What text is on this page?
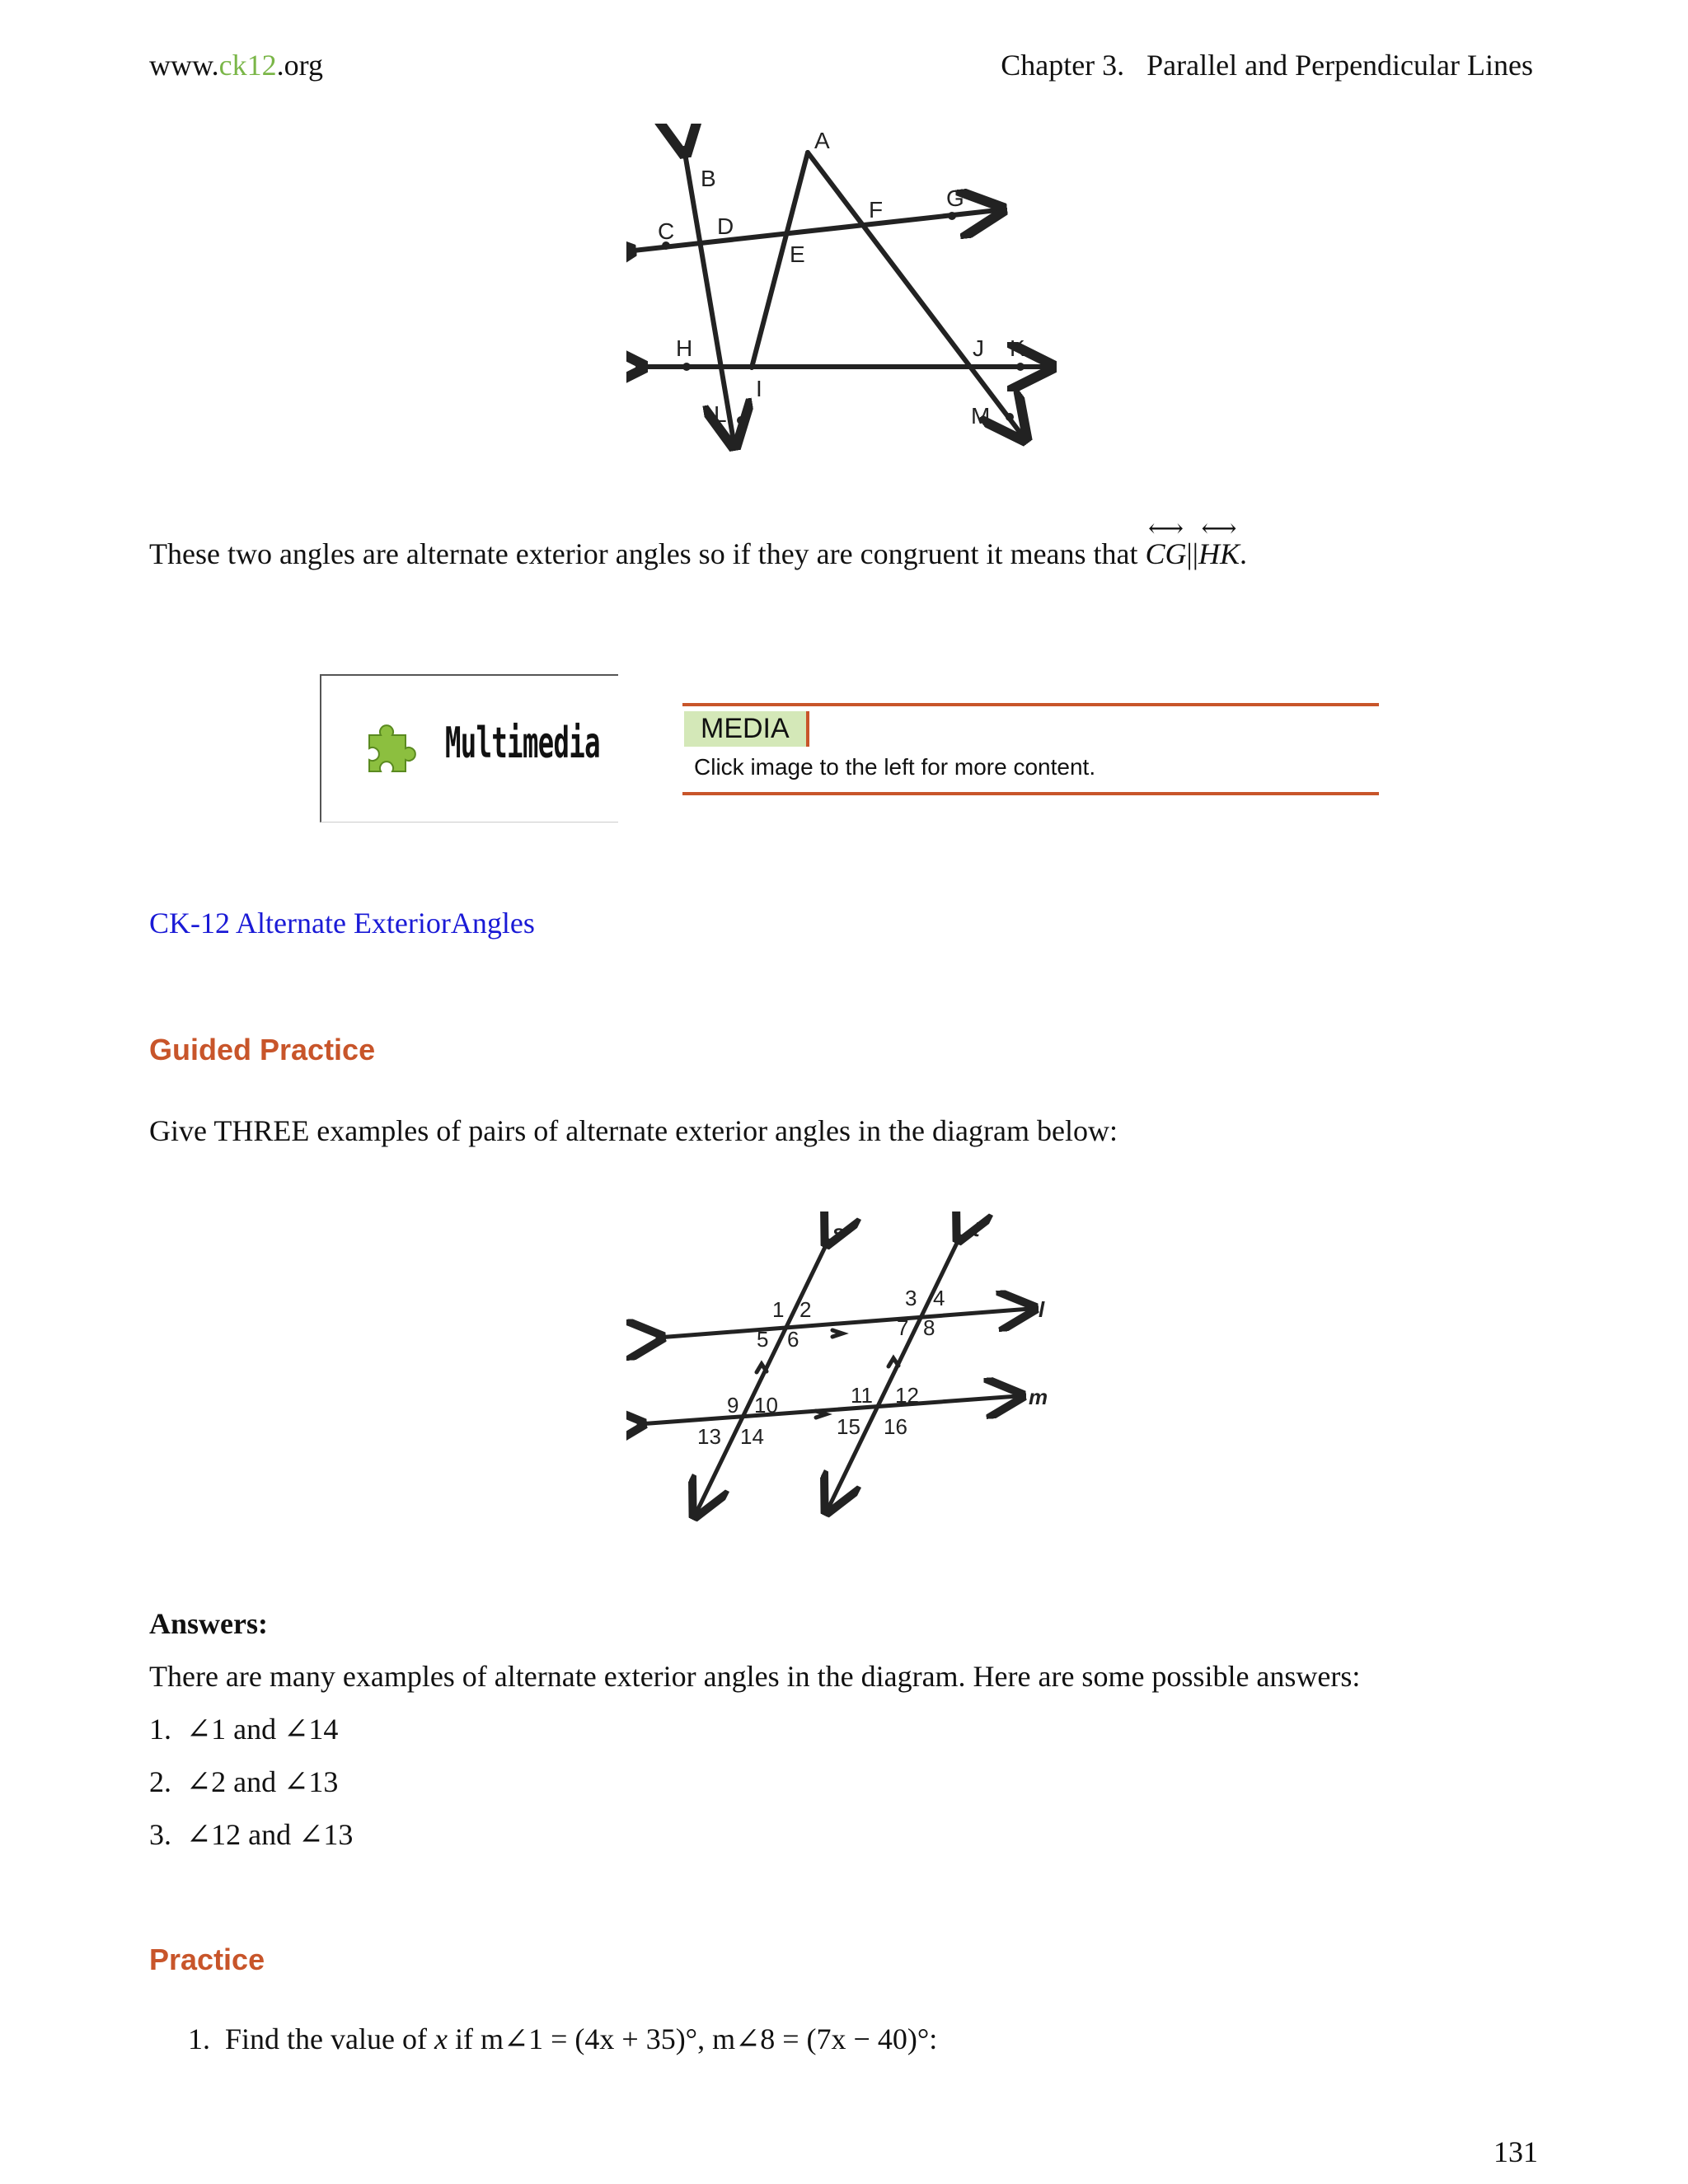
www.ck12.org	Chapter 3.   Parallel and Perpendicular Lines
A
B
C D
E
F	G
H
I
J K
L	M
These two angles are alternate exterior angles so if they are congruent it means that
⟷
CG||
⟷
HK.
Multimedia	MEDIA
Click image to the left for more content.
CK-12 Alternate ExteriorAngles
Guided Practice
Give THREE examples of pairs of alternate exterior angles in the diagram below:
s	t
l
m
1 2
5 6
3 4
7 8
9 10
13 14
11 12
15 16
Answers:
There are many examples of alternate exterior angles in the diagram. Here are some possible answers:
1. ∠1 and ∠14
2. ∠2 and ∠13
3. ∠12 and ∠13
Practice
1. Find the value of x if m∠1 = (4x + 35)°, m∠8 = (7x − 40)°:
131
